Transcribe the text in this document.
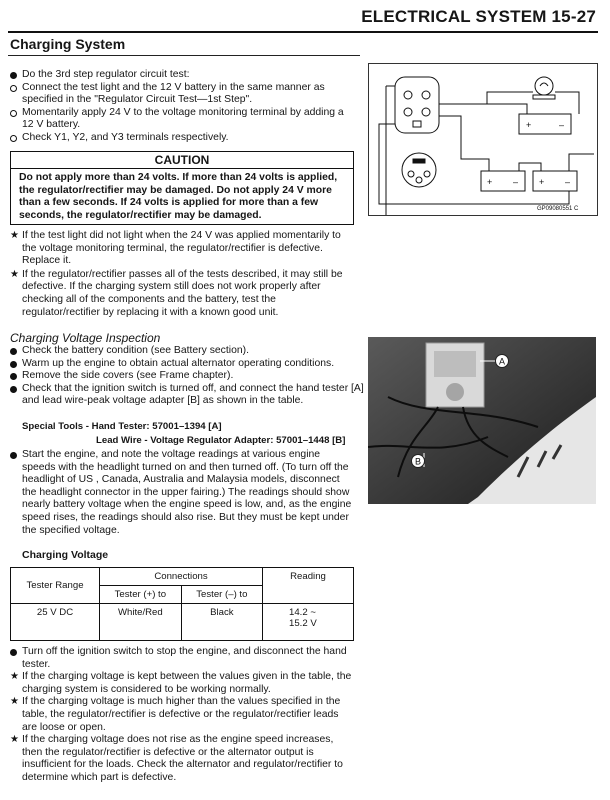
ELECTRICAL SYSTEM 15-27
Charging System
Do the 3rd step regulator circuit test:
Connect the test light and the 12 V battery in the same manner as specified in the "Regulator Circuit Test—1st Step".
Momentarily apply 24 V to the voltage monitoring terminal by adding a 12 V battery.
Check Y1, Y2, and Y3 terminals respectively.
CAUTION
Do not apply more than 24 volts. If more than 24 volts is applied, the regulator/rectifier may be damaged. Do not apply 24 V more than a few seconds. If 24 volts is applied for more than a few seconds, the regulator/rectifier may be damaged.
★ If the test light did not light when the 24 V was applied momentarily to the voltage monitoring terminal, the regulator/rectifier is defective. Replace it.
★ If the regulator/rectifier passes all of the tests described, it may still be defective. If the charging system still does not work properly after checking all of the components and the battery, test the regulator/rectifier by replacing it with a known good unit.
Charging Voltage Inspection
Check the battery condition (see Battery section).
Warm up the engine to obtain actual alternator operating conditions.
Remove the side covers (see Frame chapter).
Check that the ignition switch is turned off, and connect the hand tester [A] and lead wire-peak voltage adapter [B] as shown in the table.
Special Tools - Hand Tester: 57001–1394 [A]
Lead Wire - Voltage Regulator Adapter: 57001–1448 [B]
Start the engine, and note the voltage readings at various engine speeds with the headlight turned on and then turned off. (To turn off the headlight of US , Canada, Australia and Malaysia models, disconnect the headlight connector in the upper fairing.) The readings should show nearly battery voltage when the engine speed is low, and, as the engine speed rises, the readings should also rise. But they must be kept under the specified voltage.
Charging Voltage
Tester Range	Connections		Reading
	Tester (+) to	Tester (–) to	
25 V DC	White/Red	Black	14.2 ~
15.2 V
Turn off the ignition switch to stop the engine, and disconnect the hand tester.
★ If the charging voltage is kept between the values given in the table, the charging system is considered to be working normally.
★ If the charging voltage is much higher than the values specified in the table, the regulator/rectifier is defective or the regulator/rectifier leads are loose or open.
★ If the charging voltage does not rise as the engine speed increases, then the regulator/rectifier is defective or the alternator output is insufficient for the loads. Check the alternator and regulator/rectifier to determine which part is defective.
+	–
+ – + –
GP09080551 C
A
B
